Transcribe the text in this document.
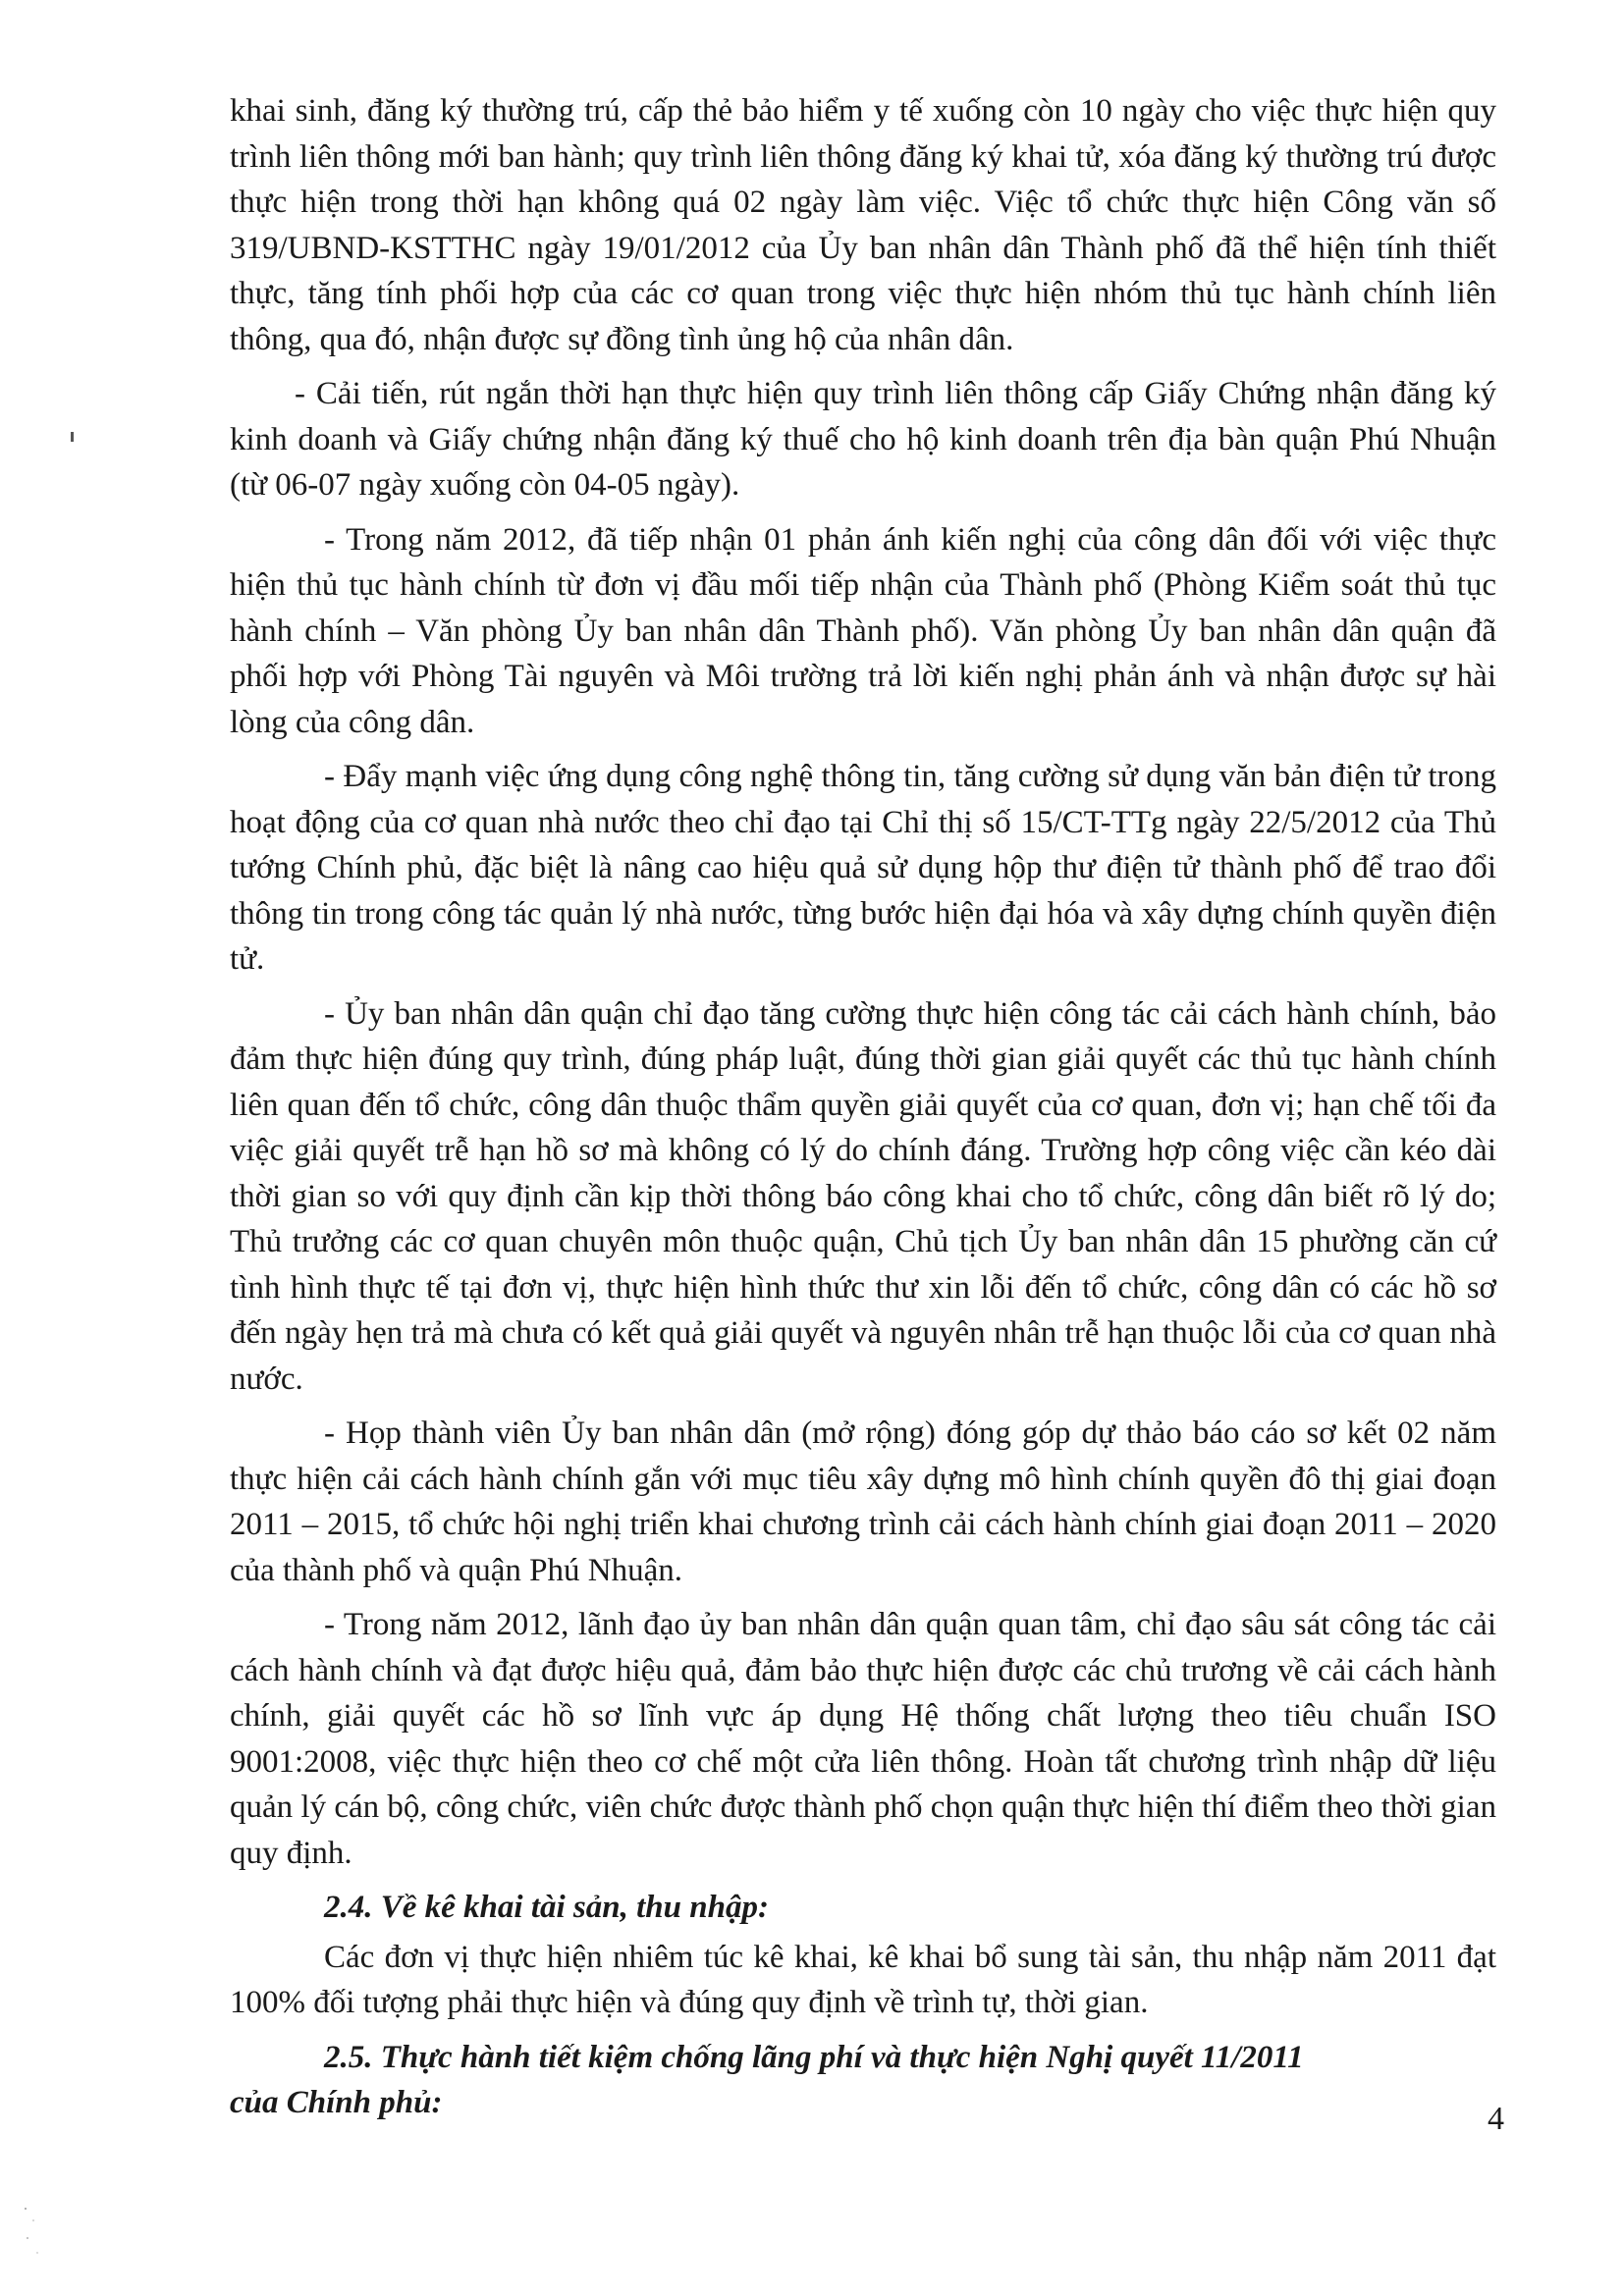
khai sinh, đăng ký thường trú, cấp thẻ bảo hiểm y tế xuống còn 10 ngày cho việc thực hiện quy trình liên thông mới ban hành; quy trình liên thông đăng ký khai tử, xóa đăng ký thường trú được thực hiện trong thời hạn không quá 02 ngày làm việc. Việc tổ chức thực hiện Công văn số 319/UBND-KSTTHC ngày 19/01/2012 của Ủy ban nhân dân Thành phố đã thể hiện tính thiết thực, tăng tính phối hợp của các cơ quan trong việc thực hiện nhóm thủ tục hành chính liên thông, qua đó, nhận được sự đồng tình ủng hộ của nhân dân.

- Cải tiến, rút ngắn thời hạn thực hiện quy trình liên thông cấp Giấy Chứng nhận đăng ký kinh doanh và Giấy chứng nhận đăng ký thuế cho hộ kinh doanh trên địa bàn quận Phú Nhuận (từ 06-07 ngày xuống còn 04-05 ngày).

- Trong năm 2012, đã tiếp nhận 01 phản ánh kiến nghị của công dân đối với việc thực hiện thủ tục hành chính từ đơn vị đầu mối tiếp nhận của Thành phố (Phòng Kiểm soát thủ tục hành chính – Văn phòng Ủy ban nhân dân Thành phố). Văn phòng Ủy ban nhân dân quận đã phối hợp với Phòng Tài nguyên và Môi trường trả lời kiến nghị phản ánh và nhận được sự hài lòng của công dân.

- Đẩy mạnh việc ứng dụng công nghệ thông tin, tăng cường sử dụng văn bản điện tử trong hoạt động của cơ quan nhà nước theo chỉ đạo tại Chỉ thị số 15/CT-TTg ngày 22/5/2012 của Thủ tướng Chính phủ, đặc biệt là nâng cao hiệu quả sử dụng hộp thư điện tử thành phố để trao đổi thông tin trong công tác quản lý nhà nước, từng bước hiện đại hóa và xây dựng chính quyền điện tử.

- Ủy ban nhân dân quận chỉ đạo tăng cường thực hiện công tác cải cách hành chính, bảo đảm thực hiện đúng quy trình, đúng pháp luật, đúng thời gian giải quyết các thủ tục hành chính liên quan đến tổ chức, công dân thuộc thẩm quyền giải quyết của cơ quan, đơn vị; hạn chế tối đa việc giải quyết trễ hạn hồ sơ mà không có lý do chính đáng. Trường hợp công việc cần kéo dài thời gian so với quy định cần kịp thời thông báo công khai cho tổ chức, công dân biết rõ lý do; Thủ trưởng các cơ quan chuyên môn thuộc quận, Chủ tịch Ủy ban nhân dân 15 phường căn cứ tình hình thực tế tại đơn vị, thực hiện hình thức thư xin lỗi đến tổ chức, công dân có các hồ sơ đến ngày hẹn trả mà chưa có kết quả giải quyết và nguyên nhân trễ hạn thuộc lỗi của cơ quan nhà nước.

- Họp thành viên Ủy ban nhân dân (mở rộng) đóng góp dự thảo báo cáo sơ kết 02 năm thực hiện cải cách hành chính gắn với mục tiêu xây dựng mô hình chính quyền đô thị giai đoạn 2011 – 2015, tổ chức hội nghị triển khai chương trình cải cách hành chính giai đoạn 2011 – 2020 của thành phố và quận Phú Nhuận.

- Trong năm 2012, lãnh đạo ủy ban nhân dân quận quan tâm, chỉ đạo sâu sát công tác cải cách hành chính và đạt được hiệu quả, đảm bảo thực hiện được các chủ trương về cải cách hành chính, giải quyết các hồ sơ lĩnh vực áp dụng Hệ thống chất lượng theo tiêu chuẩn ISO 9001:2008, việc thực hiện theo cơ chế một cửa liên thông. Hoàn tất chương trình nhập dữ liệu quản lý cán bộ, công chức, viên chức được thành phố chọn quận thực hiện thí điểm theo thời gian quy định.

2.4. Về kê khai tài sản, thu nhập:

Các đơn vị thực hiện nhiêm túc kê khai, kê khai bổ sung tài sản, thu nhập năm 2011 đạt 100% đối tượng phải thực hiện và đúng quy định về trình tự, thời gian.

2.5. Thực hành tiết kiệm chống lãng phí và thực hiện Nghị quyết 11/2011

của Chính phủ:	4
